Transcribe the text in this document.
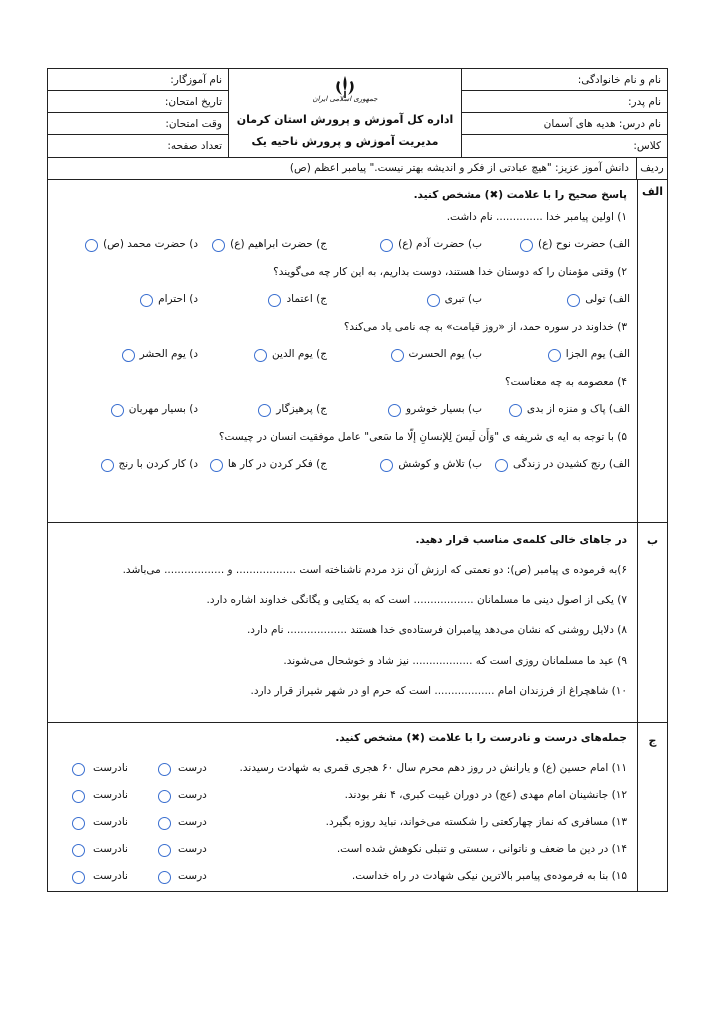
نام و نام خانوادگی:
نام پدر:
نام درس: هدیه های آسمان
کلاس:
جمهوری اسلامی ایران
اداره کل آموزش و پرورش استان کرمان
مدیریت آموزش و پرورش ناحیه یک
نام آموزگار:
تاریخ امتحان:
وقت امتحان:
تعداد صفحه:
ردیف
دانش آموز عزیز: "هیچ عبادتی از فکر و اندیشه بهتر نیست." پیامبر اعظم (ص)
الف
پاسخ صحیح را با علامت (✖) مشخص کنید.
۱) اولین پیامبر خدا .............. نام داشت.
الف) حضرت نوح (ع)
ب) حضرت آدم (ع)
ج) حضرت ابراهیم (ع)
د) حضرت محمد (ص)
۲) وقتی مؤمنان را که دوستان خدا هستند، دوست بداریم، به این کار چه می‌گویند؟
الف) تولی
ب) تبری
ج) اعتماد
د) احترام
۳) خداوند در سوره حمد، از «روز قیامت» به چه نامی یاد می‌کند؟
الف) یوم الجزا
ب) یوم الحسرت
ج) یوم الدین
د) یوم الحشر
۴) معصومه به چه معناست؟
الف) پاک و منزه از بدی
ب) بسیار خوشرو
ج) پرهیزگار
د) بسیار مهربان
۵) با توجه به ایه ی شریفه ی "وَأَن لَیسَ لِلإنسانِ إلّا ما سَعی" عامل موفقیت انسان در چیست؟
الف) رنج کشیدن در زندگی
ب) تلاش و کوشش
ج) فکر کردن در کار ها
د) کار کردن با رنج
ب
در جاهای خالی کلمه‌ی مناسب قرار دهید.
۶)به فرموده ی پیامبر (ص): دو نعمتی که ارزش آن نزد مردم ناشناخته است .................. و .................. می‌باشد.
۷) یکی از اصول دینی ما مسلمانان .................. است که به یکتایی و یگانگی خداوند اشاره دارد.
۸) دلایل روشنی که نشان می‌دهد پیامبران فرستاده‌ی خدا هستند .................. نام دارد.
۹) عید ما مسلمانان روزی است که .................. نیز شاد و خوشحال می‌شوند.
۱۰) شاهچراغ از فرزندان امام .................. است که حرم او در شهر شیراز قرار دارد.
ج
جمله‌های درست و نادرست را با علامت (✖) مشخص کنید.
۱۱) امام حسین (ع) و یارانش در روز دهم محرم سال ۶۰ هجری قمری به شهادت رسیدند.
درست
نادرست
۱۲) جانشینان امام مهدی (عج) در دوران غیبت کبری، ۴ نفر بودند.
درست
نادرست
۱۳) مسافری که نماز چهارکعتی را شکسته می‌خواند، نباید روزه بگیرد.
درست
نادرست
۱۴) در دین ما ضعف و ناتوانی ، سستی و تنبلی نکوهش شده است.
درست
نادرست
۱۵) بنا به فرموده‌ی پیامبر بالاترین نیکی شهادت در راه خداست.
درست
نادرست
